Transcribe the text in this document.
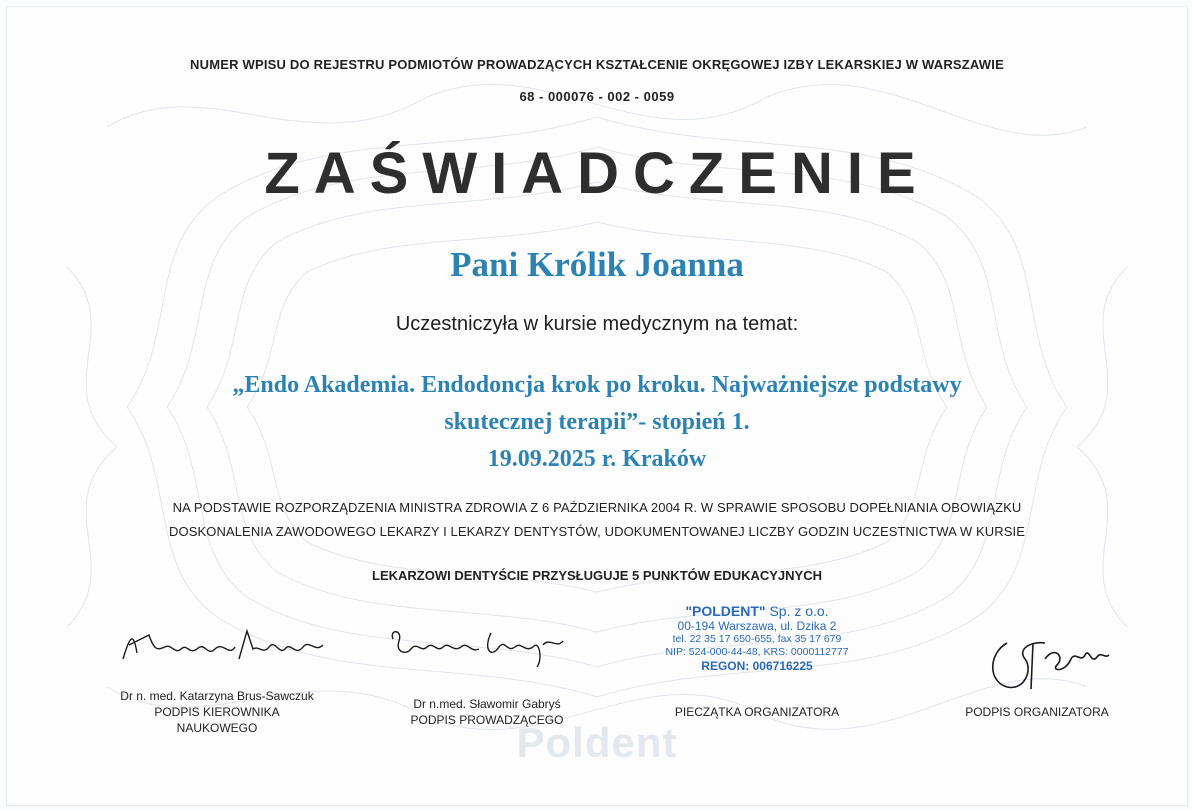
NUMER WPISU DO REJESTRU PODMIOTÓW PROWADZĄCYCH KSZTAŁCENIE OKRĘGOWEJ IZBY LEKARSKIEJ W WARSZAWIE
68 - 000076 - 002 - 0059
ZAŚWIADCZENIE
Pani Królik Joanna
Uczestniczyła w kursie medycznym na temat:
„Endo Akademia. Endodoncja krok po kroku. Najważniejsze podstawy
skutecznej terapii”- stopień 1.
19.09.2025 r. Kraków
NA PODSTAWIE ROZPORZĄDZENIA MINISTRA ZDROWIA Z 6 PAŹDZIERNIKA 2004 R. W SPRAWIE SPOSOBU DOPEŁNIANIA OBOWIĄZKU
DOSKONALENIA ZAWODOWEGO LEKARZY I LEKARZY DENTYSTÓW, UDOKUMENTOWANEJ LICZBY GODZIN UCZESTNICTWA W KURSIE
LEKARZOWI DENTYŚCIE PRZYSŁUGUJE 5 PUNKTÓW EDUKACYJNYCH
Dr n. med. Katarzyna Brus-Sawczuk
PODPIS KIEROWNIKA
NAUKOWEGO
Dr n.med. Sławomir Gabryś
PODPIS PROWADZĄCEGO
"POLDENT" Sp. z o.o.
00-194 Warszawa, ul. Dzika 2
tel. 22 35 17 650-655, fax 35 17 679
NIP: 524-000-44-48, KRS: 0000112777
REGON: 006716225
PIECZĄTKA ORGANIZATORA	PODPIS ORGANIZATORA
Poldent
